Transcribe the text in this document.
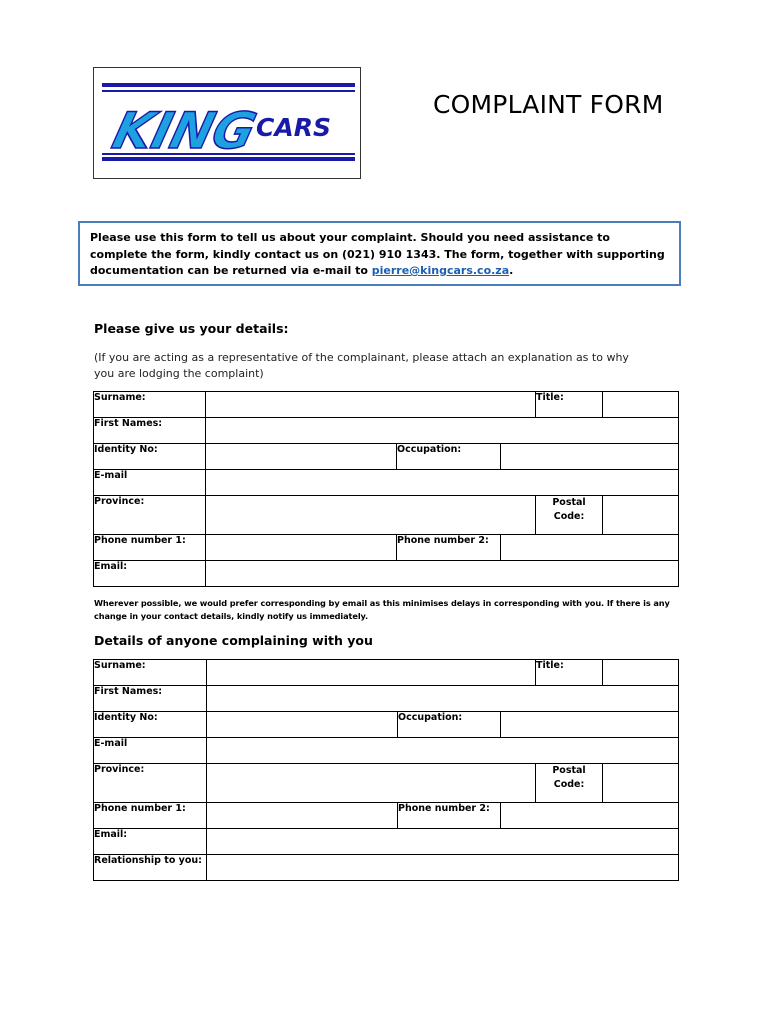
KING
CARS
COMPLAINT FORM
Please use this form to tell us about your complaint. Should you need assistance to complete the form, kindly contact us on (021) 910 1343. The form, together with supporting documentation can be returned via e-mail to pierre@kingcars.co.za.
Please give us your details:
(If you are acting as a representative of the complainant, please attach an explanation as to why you are lodging the complaint)
Surname:				Title:	
First Names:					
Identity No:		Occupation:			
E-mail					
Province:				Postal
Code:	
Phone number 1:		Phone number 2:			
Email:					
Wherever possible, we would prefer corresponding by email as this minimises delays in corresponding with you. If there is any change in your contact details, kindly notify us immediately.
Details of anyone complaining with you
Surname:				Title:	
First Names:					
Identity No:		Occupation:			
E-mail					
Province:				Postal
Code:	
Phone number 1:		Phone number 2:			
Email:					
Relationship to you:					
